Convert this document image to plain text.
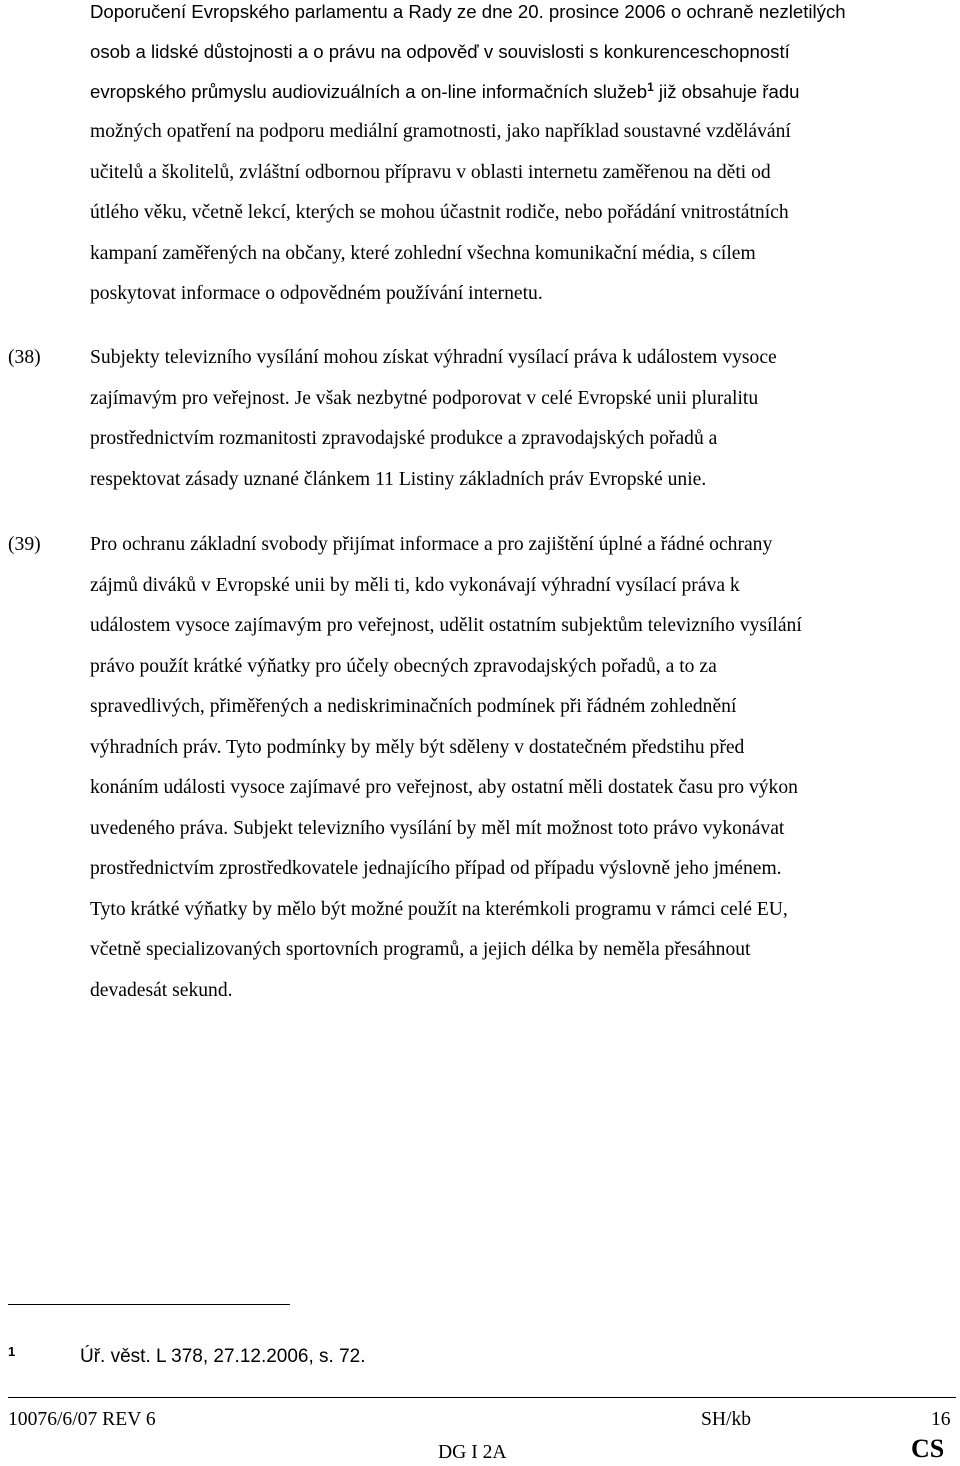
Doporučení Evropského parlamentu a Rady ze dne 20. prosince 2006 o ochraně nezletilých
osob a lidské důstojnosti a o právu na odpověď v souvislosti s konkurenceschopností
evropského průmyslu audiovizuálních a on-line informačních služeb$^1$ již obsahuje řadu
možných opatření na podporu mediální gramotnosti, jako například soustavné vzdělávání
učitelů a školitelů, zvláštní odbornou přípravu v oblasti internetu zaměřenou na děti od
útlého věku, včetně lekcí, kterých se mohou účastnit rodiče, nebo pořádání vnitrostátních
kampaní zaměřených na občany, které zohlední všechna komunikační média, s cílem
poskytovat informace o odpovědném používání internetu.
(38)	Subjekty televizního vysílání mohou získat výhradní vysílací práva k událostem vysoce
zajímavým pro veřejnost. Je však nezbytné podporovat v celé Evropské unii pluralitu
prostřednictvím rozmanitosti zpravodajské produkce a zpravodajských pořadů a
respektovat zásady uznané článkem 11 Listiny základních práv Evropské unie.
(39)	Pro ochranu základní svobody přijímat informace a pro zajištění úplné a řádné ochrany
zájmů diváků v Evropské unii by měli ti, kdo vykonávají výhradní vysílací práva k
událostem vysoce zajímavým pro veřejnost, udělit ostatním subjektům televizního vysílání
právo použít krátké výňatky pro účely obecných zpravodajských pořadů, a to za
spravedlivých, přiměřených a nediskriminačních podmínek při řádném zohlednění
výhradních práv. Tyto podmínky by měly být sděleny v dostatečném předstihu před
konáním události vysoce zajímavé pro veřejnost, aby ostatní měli dostatek času pro výkon
uvedeného práva. Subjekt televizního vysílání by měl mít možnost toto právo vykonávat
prostřednictvím zprostředkovatele jednajícího případ od případu výslovně jeho jménem.
Tyto krátké výňatky by mělo být možné použít na kterémkoli programu v rámci celé EU,
včetně specializovaných sportovních programů, a jejich délka by neměla přesáhnout
devadesát sekund.
1	Úř. věst. L 378, 27.12.2006, s. 72.
10076/6/07 REV 6	SH/kb	16
DG I 2A	CS
